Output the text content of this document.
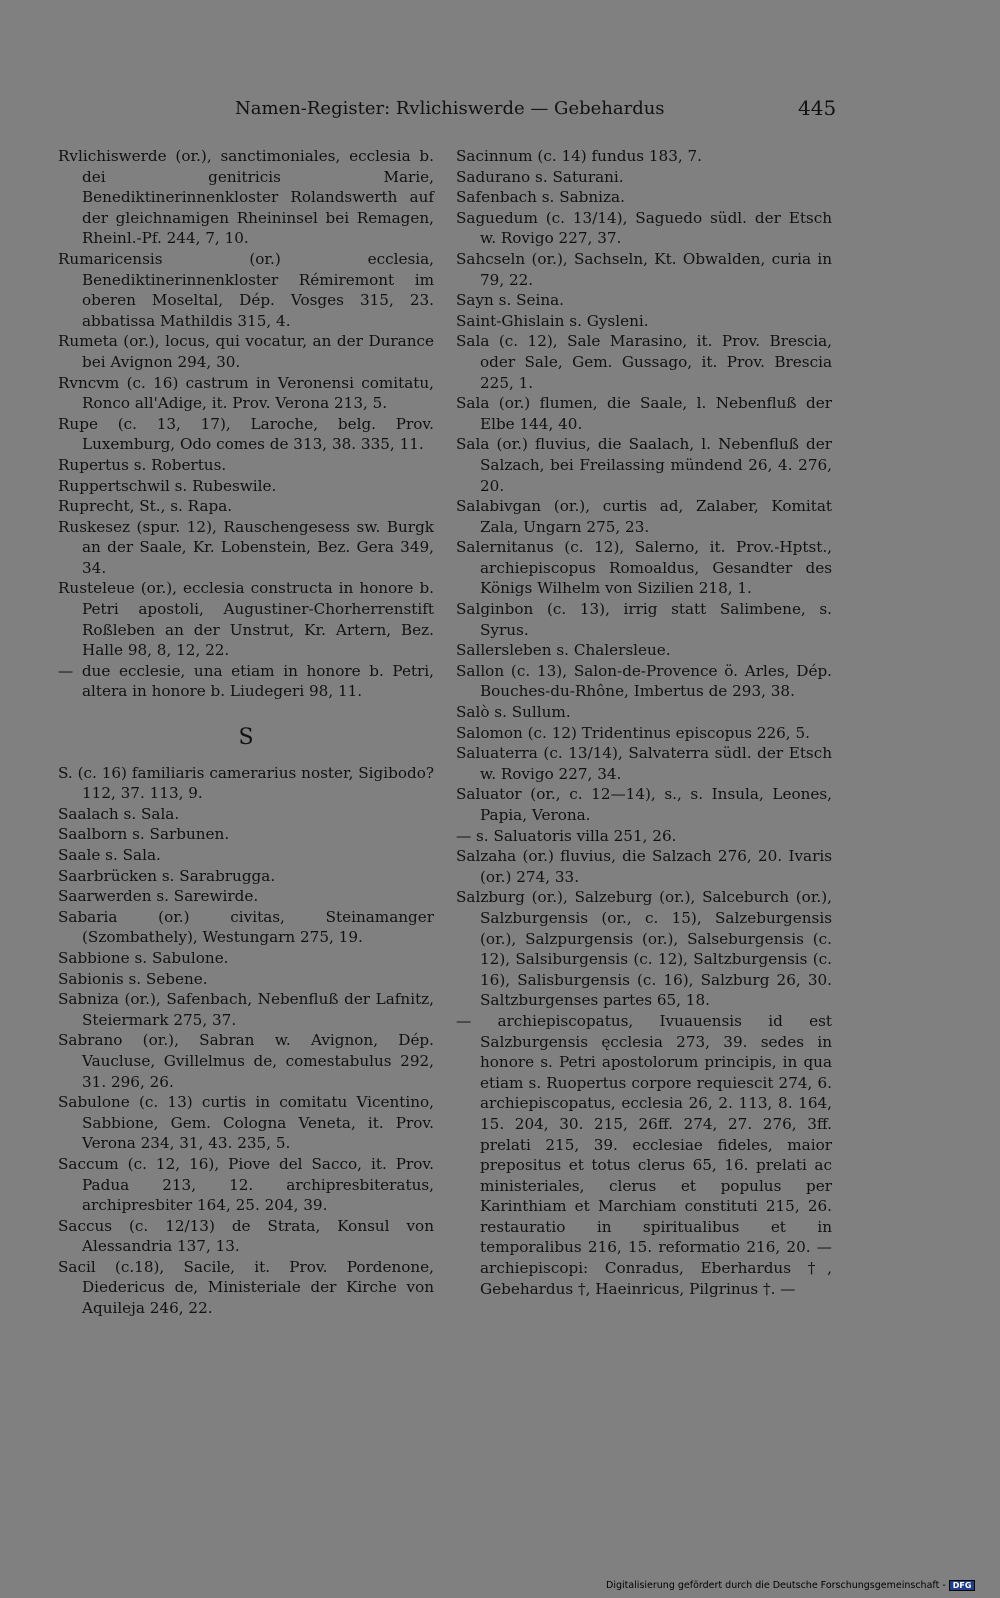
Namen-Register: Rvlichiswerde — Gebehardus	445

Rvlichiswerde (or.), sanctimoniales, ecclesia b. dei genitricis Marie, Benediktinerinnenkloster Rolandswerth auf der gleichnamigen Rheininsel bei Remagen, Rheinl.-Pf. 244, 7, 10.

Rumaricensis (or.) ecclesia, Benediktinerinnenkloster Rémiremont im oberen Moseltal, Dép. Vosges 315, 23. abbatissa Mathildis 315, 4.

Rumeta (or.), locus, qui vocatur, an der Durance bei Avignon 294, 30.

Rvncvm (c. 16) castrum in Veronensi comitatu, Ronco all'Adige, it. Prov. Verona 213, 5.

Rupe (c. 13, 17), Laroche, belg. Prov. Luxemburg, Odo comes de 313, 38. 335, 11.

Rupertus s. Robertus.

Ruppertschwil s. Rubeswile.

Ruprecht, St., s. Rapa.

Ruskesez (spur. 12), Rauschengesess sw. Burgk an der Saale, Kr. Lobenstein, Bez. Gera 349, 34.

Rusteleue (or.), ecclesia constructa in honore b. Petri apostoli, Augustiner-Chorherrenstift Roßleben an der Unstrut, Kr. Artern, Bez. Halle 98, 8, 12, 22.

— due ecclesie, una etiam in honore b. Petri, altera in honore b. Liudegeri 98, 11.

S

S. (c. 16) familiaris camerarius noster, Sigibodo? 112, 37. 113, 9.

Saalach s. Sala.

Saalborn s. Sarbunen.

Saale s. Sala.

Saarbrücken s. Sarabrugga.

Saarwerden s. Sarewirde.

Sabaria (or.) civitas, Steinamanger (Szombathely), Westungarn 275, 19.

Sabbione s. Sabulone.

Sabionis s. Sebene.

Sabniza (or.), Safenbach, Nebenfluß der Lafnitz, Steiermark 275, 37.

Sabrano (or.), Sabran w. Avignon, Dép. Vaucluse, Gvillelmus de, comestabulus 292, 31. 296, 26.

Sabulone (c. 13) curtis in comitatu Vicentino, Sabbione, Gem. Cologna Veneta, it. Prov. Verona 234, 31, 43. 235, 5.

Saccum (c. 12, 16), Piove del Sacco, it. Prov. Padua 213, 12. archipresbiteratus, archipresbiter 164, 25. 204, 39.

Saccus (c. 12/13) de Strata, Konsul von Alessandria 137, 13.

Sacil (c.18), Sacile, it. Prov. Pordenone, Diedericus de, Ministeriale der Kirche von Aquileja 246, 22.

Sacinnum (c. 14) fundus 183, 7.

Sadurano s. Saturani.

Safenbach s. Sabniza.

Saguedum (c. 13/14), Saguedo südl. der Etsch w. Rovigo 227, 37.

Sahcseln (or.), Sachseln, Kt. Obwalden, curia in 79, 22.

Sayn s. Seina.

Saint-Ghislain s. Gysleni.

Sala (c. 12), Sale Marasino, it. Prov. Brescia, oder Sale, Gem. Gussago, it. Prov. Brescia 225, 1.

Sala (or.) flumen, die Saale, l. Nebenfluß der Elbe 144, 40.

Sala (or.) fluvius, die Saalach, l. Nebenfluß der Salzach, bei Freilassing mündend 26, 4. 276, 20.

Salabivgan (or.), curtis ad, Zalaber, Komitat Zala, Ungarn 275, 23.

Salernitanus (c. 12), Salerno, it. Prov.-Hptst., archiepiscopus Romoaldus, Gesandter des Königs Wilhelm von Sizilien 218, 1.

Salginbon (c. 13), irrig statt Salimbene, s. Syrus.

Sallersleben s. Chalersleue.

Sallon (c. 13), Salon-de-Provence ö. Arles, Dép. Bouches-du-Rhône, Imbertus de 293, 38.

Salò s. Sullum.

Salomon (c. 12) Tridentinus episcopus 226, 5.

Saluaterra (c. 13/14), Salvaterra südl. der Etsch w. Rovigo 227, 34.

Saluator (or., c. 12—14), s., s. Insula, Leones, Papia, Verona.

— s. Saluatoris villa 251, 26.

Salzaha (or.) fluvius, die Salzach 276, 20. Ivaris (or.) 274, 33.

Salzburg (or.), Salzeburg (or.), Salceburch (or.), Salzburgensis (or., c. 15), Salzeburgensis (or.), Salzpurgensis (or.), Salseburgensis (c. 12), Salsiburgensis (c. 12), Saltzburgensis (c. 16), Salisburgensis (c. 16), Salzburg 26, 30. Saltzburgenses partes 65, 18.

— archiepiscopatus, Ivuauensis id est Salzburgensis ęcclesia 273, 39. sedes in honore s. Petri apostolorum principis, in qua etiam s. Ruopertus corpore requiescit 274, 6. archiepiscopatus, ecclesia 26, 2. 113, 8. 164, 15. 204, 30. 215, 26ff. 274, 27. 276, 3ff. prelati 215, 39. ecclesiae fideles, maior prepositus et totus clerus 65, 16. prelati ac ministeriales, clerus et populus per Karinthiam et Marchiam constituti 215, 26. restauratio in spiritualibus et in temporalibus 216, 15. reformatio 216, 20. — archiepiscopi: Conradus, Eberhardus †, Gebehardus †, Haeinricus, Pilgrinus †. —

Digitalisierung gefördert durch die Deutsche Forschungsgemeinschaft - DFG
